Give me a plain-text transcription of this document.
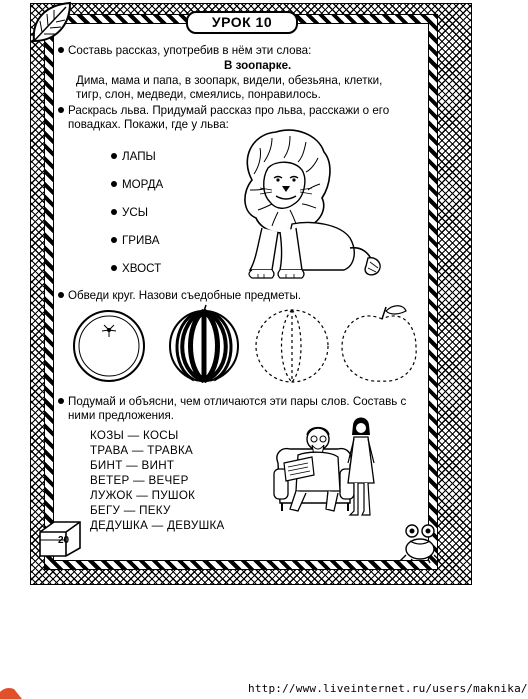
УРОК 10
Составь рассказ, употребив в нём эти слова:
В зоопарке.
Дима, мама и папа, в зоопарк, видели, обезьяна, клетки,
тигр, слон, медведи, смеялись, понравилось.
Раскрась льва. Придумай рассказ про льва, расскажи о его
повадках. Покажи, где у льва:
ЛАПЫ
МОРДА
УСЫ
ГРИВА
ХВОСТ
Обведи круг. Назови съедобные предметы.
Подумай и объясни, чем отличаются эти пары слов. Составь с
ними предложения.
КОЗЫ — КОСЫ
ТРАВА — ТРАВКА
БИНТ — ВИНТ
ВЕТЕР — ВЕЧЕР
ЛУЖОК — ПУШОК
БЕГУ — ПЕКУ
ДЕДУШКА — ДЕВУШКА
20
http://www.liveinternet.ru/users/maknika/
